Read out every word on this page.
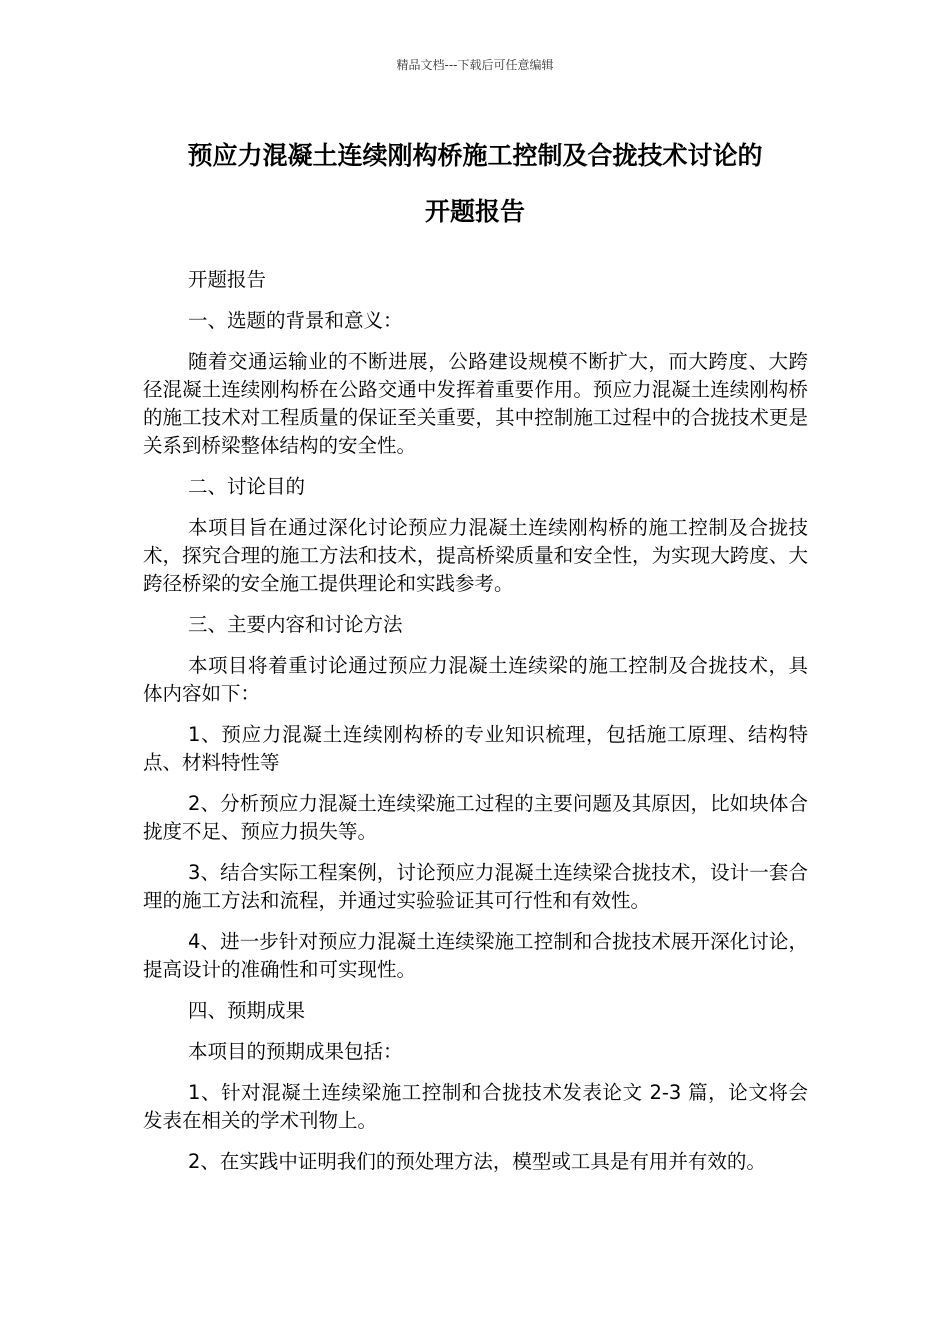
精品文档---下载后可任意编辑
预应力混凝土连续刚构桥施工控制及合拢技术讨论的
开题报告

开题报告

一、选题的背景和意义：

随着交通运输业的不断进展，公路建设规模不断扩大，而大跨度、大跨径混凝土连续刚构桥在公路交通中发挥着重要作用。预应力混凝土连续刚构桥的施工技术对工程质量的保证至关重要，其中控制施工过程中的合拢技术更是关系到桥梁整体结构的安全性。

二、讨论目的

本项目旨在通过深化讨论预应力混凝土连续刚构桥的施工控制及合拢技术，探究合理的施工方法和技术，提高桥梁质量和安全性，为实现大跨度、大跨径桥梁的安全施工提供理论和实践参考。

三、主要内容和讨论方法

本项目将着重讨论通过预应力混凝土连续梁的施工控制及合拢技术，具体内容如下：

1、预应力混凝土连续刚构桥的专业知识梳理，包括施工原理、结构特点、材料特性等

2、分析预应力混凝土连续梁施工过程的主要问题及其原因，比如块体合拢度不足、预应力损失等。

3、结合实际工程案例，讨论预应力混凝土连续梁合拢技术，设计一套合理的施工方法和流程，并通过实验验证其可行性和有效性。

4、进一步针对预应力混凝土连续梁施工控制和合拢技术展开深化讨论，提高设计的准确性和可实现性。

四、预期成果

本项目的预期成果包括：

1、针对混凝土连续梁施工控制和合拢技术发表论文 2-3 篇，论文将会发表在相关的学术刊物上。

2、在实践中证明我们的预处理方法，模型或工具是有用并有效的。
